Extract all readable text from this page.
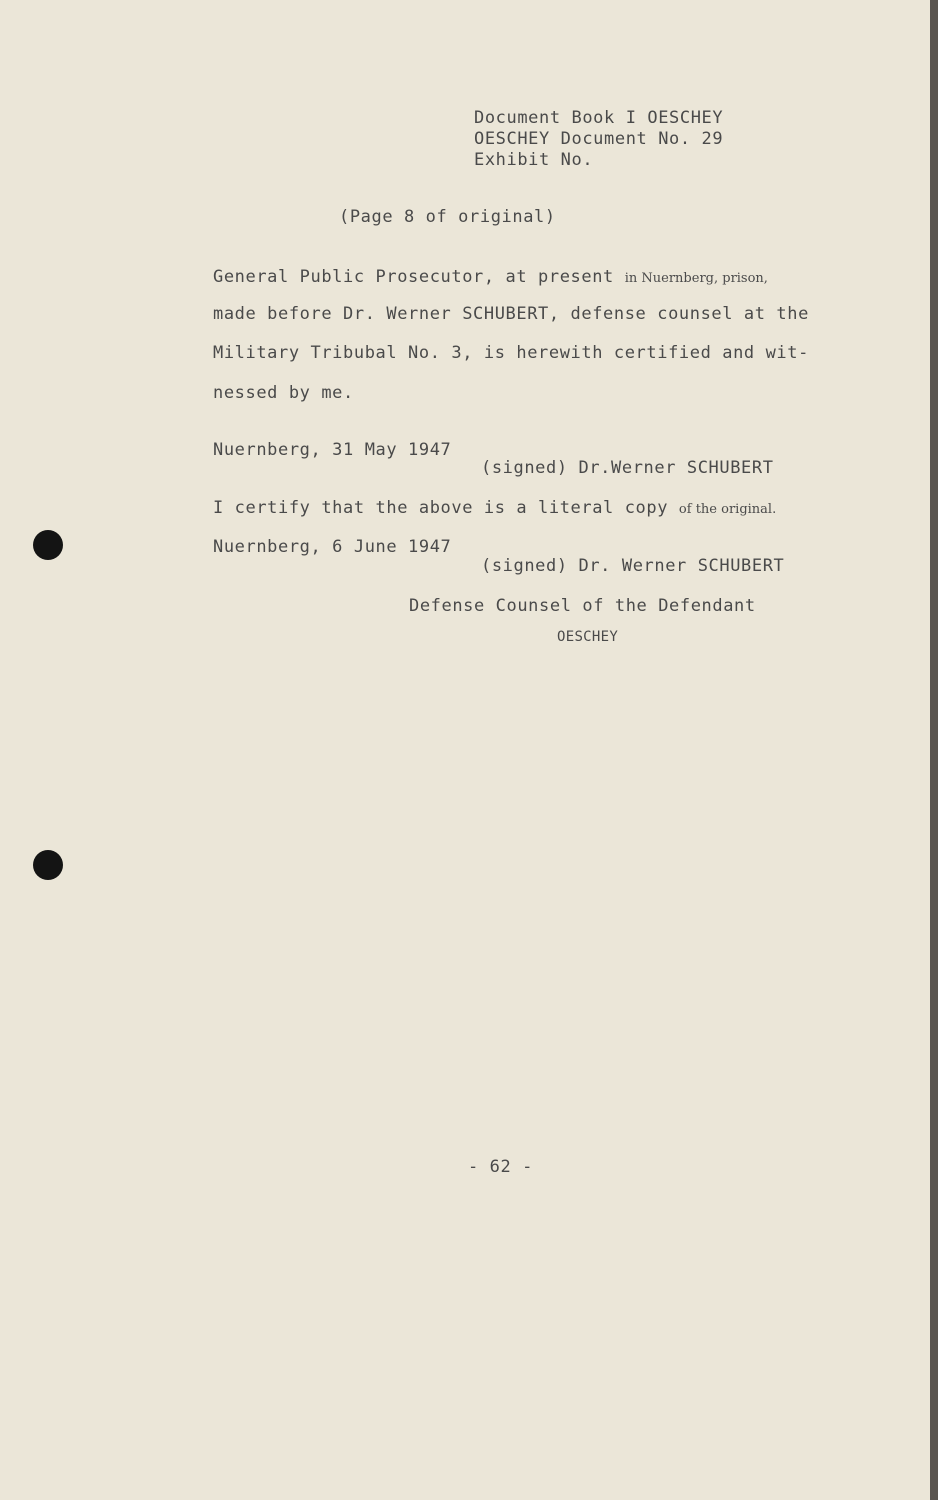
Document Book I OESCHEY
OESCHEY Document No. 29
Exhibit No.
(Page 8 of original)
General Public Prosecutor, at present in Nuernberg, prison,
made before Dr. Werner SCHUBERT, defense counsel at the
Military Tribubal No. 3, is herewith certified and wit-
nessed by me.
Nuernberg, 31 May 1947
(signed) Dr.Werner SCHUBERT
I certify that the above is a literal copy of the original.
Nuernberg, 6 June 1947
(signed) Dr. Werner SCHUBERT
Defense Counsel of the Defendant
OESCHEY
- 62 -
